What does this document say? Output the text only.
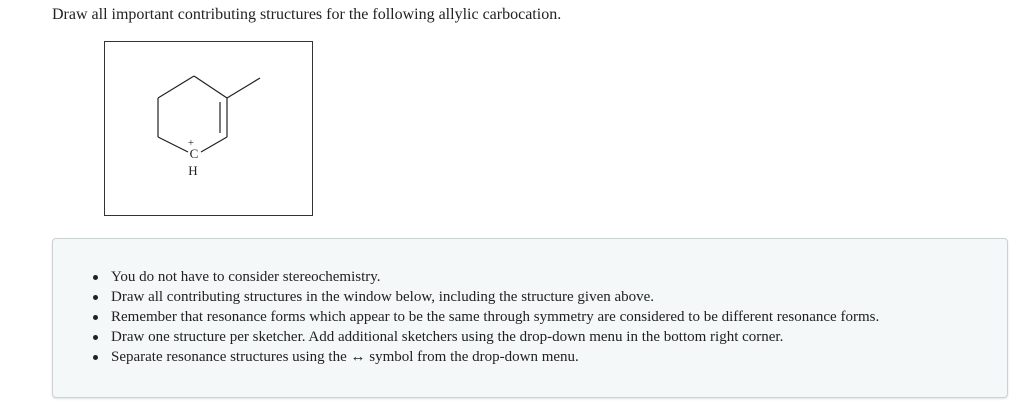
Draw all important contributing structures for the following allylic carbocation.
+
C
H
You do not have to consider stereochemistry.
Draw all contributing structures in the window below, including the structure given above.
Remember that resonance forms which appear to be the same through symmetry are considered to be different resonance forms.
Draw one structure per sketcher. Add additional sketchers using the drop-down menu in the bottom right corner.
Separate resonance structures using the ↔ symbol from the drop-down menu.
